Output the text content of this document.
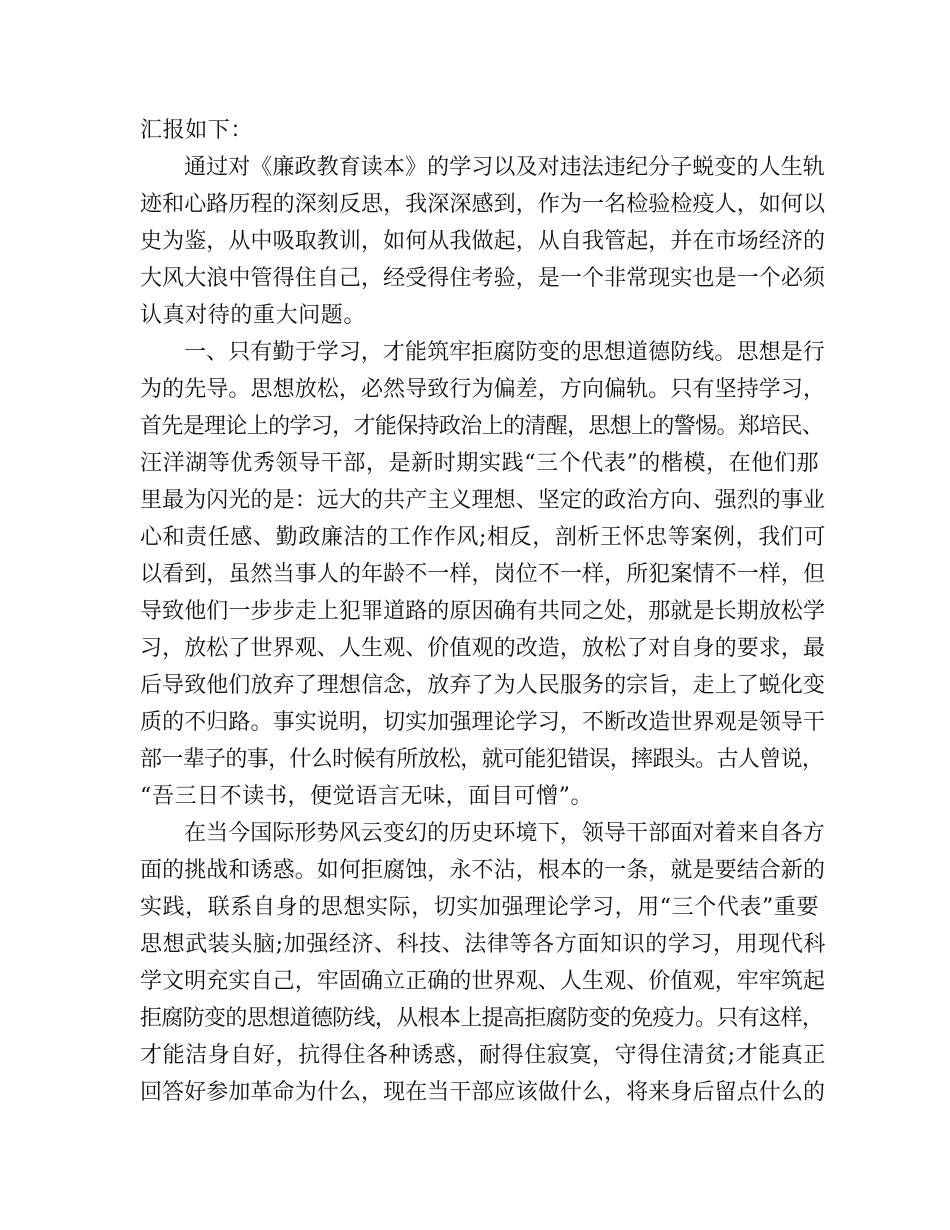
汇报如下：
通过对《廉政教育读本》的学习以及对违法违纪分子蜕变的人生轨
迹和心路历程的深刻反思，我深深感到，作为一名检验检疫人，如何以
史为鉴，从中吸取教训，如何从我做起，从自我管起，并在市场经济的
大风大浪中管得住自己，经受得住考验，是一个非常现实也是一个必须
认真对待的重大问题。
一、只有勤于学习，才能筑牢拒腐防变的思想道德防线。思想是行
为的先导。思想放松，必然导致行为偏差，方向偏轨。只有坚持学习，
首先是理论上的学习，才能保持政治上的清醒，思想上的警惕。郑培民、
汪洋湖等优秀领导干部，是新时期实践“三个代表”的楷模，在他们那
里最为闪光的是：远大的共产主义理想、坚定的政治方向、强烈的事业
心和责任感、勤政廉洁的工作作风;相反，剖析王怀忠等案例，我们可
以看到，虽然当事人的年龄不一样，岗位不一样，所犯案情不一样，但
导致他们一步步走上犯罪道路的原因确有共同之处，那就是长期放松学
习，放松了世界观、人生观、价值观的改造，放松了对自身的要求，最
后导致他们放弃了理想信念，放弃了为人民服务的宗旨，走上了蜕化变
质的不归路。事实说明，切实加强理论学习，不断改造世界观是领导干
部一辈子的事，什么时候有所放松，就可能犯错误，摔跟头。古人曾说，
“吾三日不读书，便觉语言无味，面目可憎”。
在当今国际形势风云变幻的历史环境下，领导干部面对着来自各方
面的挑战和诱惑。如何拒腐蚀，永不沾，根本的一条，就是要结合新的
实践，联系自身的思想实际，切实加强理论学习，用“三个代表”重要
思想武装头脑;加强经济、科技、法律等各方面知识的学习，用现代科
学文明充实自己，牢固确立正确的世界观、人生观、价值观，牢牢筑起
拒腐防变的思想道德防线，从根本上提高拒腐防变的免疫力。只有这样，
才能洁身自好，抗得住各种诱惑，耐得住寂寞，守得住清贫;才能真正
回答好参加革命为什么，现在当干部应该做什么，将来身后留点什么的
